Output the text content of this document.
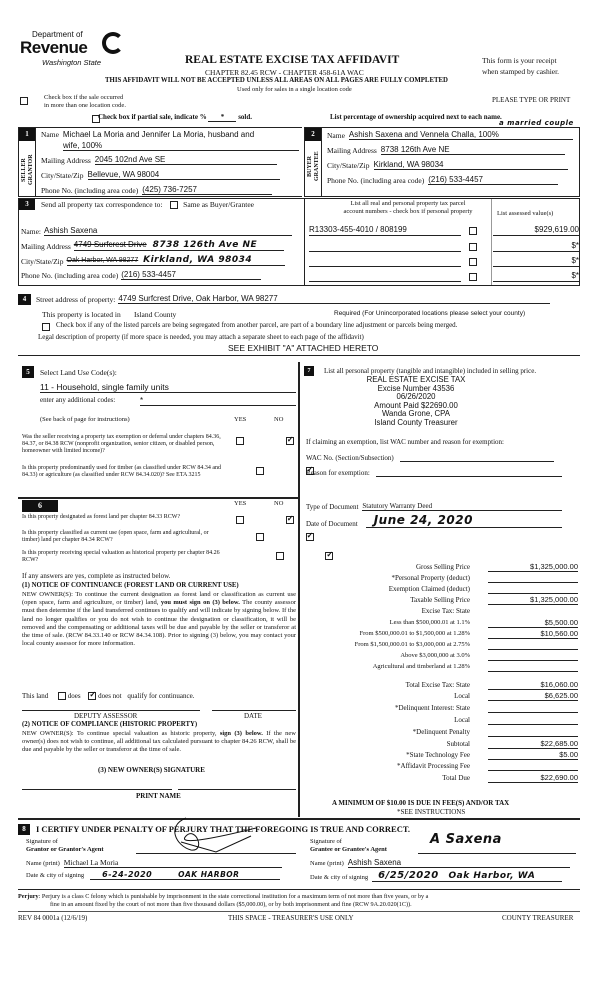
Department of
Revenue
Washington State	REAL ESTATE EXCISE TAX AFFIDAVIT
CHAPTER 82.45 RCW - CHAPTER 458-61A WAC
This form is your receipt
when stamped by cashier.
THIS AFFIDAVIT WILL NOT BE ACCEPTED UNLESS ALL AREAS ON ALL PAGES ARE FULLY COMPLETED
Used only for sales in a single location code

Check box if the sale occurred
in more than one location code.
PLEASE TYPE OR PRINT
Check box if partial sale, indicate % * sold.	List percentage of ownership acquired next to each name.
1
SELLER GRANTOR
Name Michael La Moria and Jennifer La Moria, husband and
wife, 100%
Mailing Address 2045 102nd Ave SE
City/State/Zip Bellevue, WA 98004
Phone No. (including area code) (425) 736-7257
2
BUYER GRANTEE
a married couple
Name Ashish Saxena and Vennela Challa, 100%
Mailing Address 8738 126th Ave NE
City/State/Zip Kirkland, WA 98034
Phone No. (including area code) (216) 533-4457
3	Send all property tax correspondence to:	Same as Buyer/Grantee
Name: Ashish Saxena
Mailing Address 4749 Surfcrest Drive 8738 126th Ave NE
City/State/Zip Oak Harbor, WA 98277 Kirkland, WA 98034
Phone No. (including area code) (216) 533-4457
List all real and personal property tax parcel
account numbers - check box if personal property	List assessed value(s)
R13303-455-4010 / 808199	$929,619.00
$*
$*
$*
4	Street address of property: 4749 Surfcrest Drive, Oak Harbor, WA 98277
This property is located in Island County	Required (For Unincorporated locations please select your county)
Check box if any of the listed parcels are being segregated from another parcel, are part of a boundary line adjustment or parcels being merged.
Legal description of property (if more space is needed, you may attach a separate sheet to each page of the affidavit)
SEE EXHIBIT "A" ATTACHED HERETO
5	Select Land Use Code(s):
11 - Household, single family units
enter any additional codes:	*
(See back of page for instructions)	YES	NO
Was the seller receiving a property tax exemption or deferral under chapters 84.36, 84.37, or 84.38 RCW (nonprofit organization, senior citizen, or disabled person, homeowner with limited income)?
✓
Is this property predominantly used for timber (as classified under RCW 84.34 and 84.33) or agriculture (as classified under RCW 84.34.020)? See ETA 3215
✓
6	YES	NO
Is this property designated as forest land per chapter 84.33 RCW?
✓
Is this property classified as current use (open space, farm and agricultural, or timber) land per chapter 84.34 RCW?
✓
Is this property receiving special valuation as historical property per chapter 84.26 RCW?
✓
If any answers are yes, complete as instructed below.
(1) NOTICE OF CONTINUANCE (FOREST LAND OR CURRENT USE)
NEW OWNER(S): To continue the current designation as forest land or classification as current use (open space, farm and agriculture, or timber) land, you must sign on (3) below. The county assessor must then determine if the land transferred continues to qualify and will indicate by signing below. If the land no longer qualifies or you do not wish to continue the designation or classification, it will be removed and the compensating or additional taxes will be due and payable by the seller or transferor at the time of sale. (RCW 84.33.140 or RCW 84.34.108). Prior to signing (3) below, you may contact your local county assessor for more information.
This land	does ✓	does not qualify for continuance.
DEPUTY ASSESSOR	DATE
(2) NOTICE OF COMPLIANCE (HISTORIC PROPERTY)
NEW OWNER(S): To continue special valuation as historic property, sign (3) below. If the new owner(s) does not wish to continue, all additional tax calculated pursuant to chapter 84.26 RCW, shall be due and payable by the seller or transferor at the time of sale.
(3) NEW OWNER(S) SIGNATURE
PRINT NAME
7	List all personal property (tangible and intangible) included in selling price.
REAL ESTATE EXCISE TAX
Excise Number 43536
06/26/2020
Amount Paid $22690.00
Wanda Grone, CPA
Island County Treasurer
If claiming an exemption, list WAC number and reason for exemption:
WAC No. (Section/Subsection)
Reason for exemption:
Type of Document Statutory Warranty Deed
Date of Document	June 24, 2020
Gross Selling Price	$1,325,000.00
*Personal Property (deduct)
Exemption Claimed (deduct)
Taxable Selling Price	$1,325,000.00
Excise Tax: State
Less than $500,000.01 at 1.1%	$5,500.00
From $500,000.01 to $1,500,000 at 1.28%	$10,560.00
From $1,500,000.01 to $3,000,000 at 2.75%
Above $3,000,000 at 3.0%
Agricultural and timberland at 1.28%
Total Excise Tax: State	$16,060.00
Local	$6,625.00
*Delinquent Interest: State
Local
*Delinquent Penalty
Subtotal	$22,685.00
*State Technology Fee	$5.00
*Affidavit Processing Fee
Total Due	$22,690.00
A MINIMUM OF $10.00 IS DUE IN FEE(S) AND/OR TAX
*SEE INSTRUCTIONS
8	I CERTIFY UNDER PENALTY OF PERJURY THAT THE FOREGOING IS TRUE AND CORRECT.
Signature of
Grantor or Grantor's Agent
Name (print) Michael La Moria
Date & city of signing	6-24-2020	OAK HARBOR
Signature of
Grantee or Grantee's Agent
A Saxena
Name (print) Ashish Saxena
Date & city of signing	6/25/2020 Oak Harbor, WA
Perjury: Perjury is a class C felony which is punishable by imprisonment in the state correctional institution for a maximum term of not more than five years, or by a
fine in an amount fixed by the court of not more than five thousand dollars ($5,000.00), or by both imprisonment and fine (RCW 9A.20.020(1C)).
REV 84 0001a (12/6/19)	THIS SPACE - TREASURER'S USE ONLY	COUNTY TREASURER
